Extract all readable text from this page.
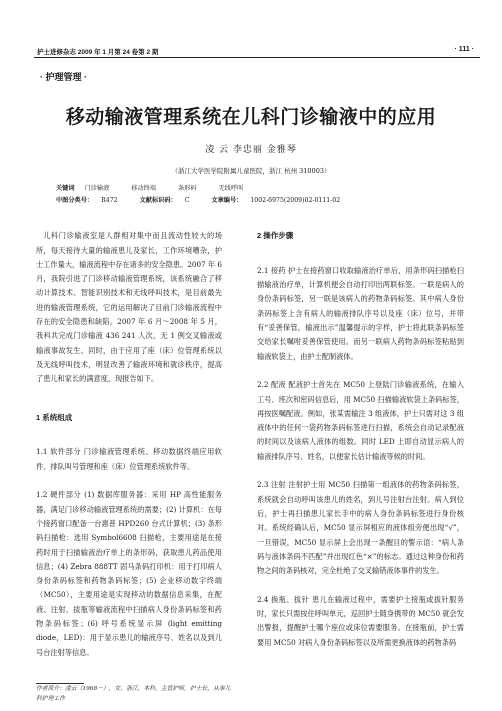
护士进修杂志 2009 年 1 月第 24 卷第 2 期	· 111 ·
· 护理管理 ·
移动输液管理系统在儿科门诊输液中的应用
凌 云 李忠丽 金雅琴
（浙江大学医学院附属儿童医院，浙江 杭州 310003）
关键词 门诊输液	移动终端	条形码	无线呼叫
中图分类号： R472	文献标识码： C	文章编号： 1002-6975(2009)02-0111-02

儿科门诊输液室是人群相对集中而且流动性较大的场所，每天接待大量的输液患儿及家长，工作环境嘈杂，护士工作量大，输液流程中存在诸多的安全隐患。2007 年 6 月，我院引进了门诊移动输液管理系统，该系统融合了移动计算技术、智能识别技术和无线呼叫技术，是目前最先进的输液管理系统，它的运用解决了目前门诊输液流程中存在的安全隐患和缺陷。2007 年 6 月～2008 年 5 月，我科共完成门诊输液 436 241 人次，无 1 例交叉输液或输液事故发生。同时，由于应用了座（床）位管理系统以及无线呼叫技术，明显改善了输液环境和就诊秩序，提高了患儿和家长的满意度，现报告如下。

1 系统组成

1.1 软件部分 门诊输液管理系统、移动数据终端应用软件、排队叫号管理和座（床）位管理系统软件等。

1.2 硬件部分 (1) 数据库服务器：采用 HP 高性能服务器，满足门诊移动输液管理系统的需要；(2) 计算机：在每个接药窗口配备一台惠普 HPD260 台式计算机；(3) 条形码扫描枪：选用 Symbol6608 扫描枪，主要用途是在接药时用于扫描输液治疗单上的条形码，获取患儿药品使用信息；(4) Zebra 888TT 固马条码打印机：用于打印病人身份条码标签和药物条码标签；(5) 企业移动数字终端（MC50），主要用途是实现移动的数据信息采集，在配液、注射、拔瓶等输液流程中扫描病人身份条码标签和药物条码标签；(6) 呼号系统显示屏 (light emitting diode，LED)：用于显示患儿的输液序号、姓名以及到儿号台注射等信息。

2 操作步骤

2.1 接药 护士在接药窗口收取输液治疗单后，用条形码扫描枪扫描输液治疗单，计算机便会自动打印出两联标签。一联是病人的身份条码标签，另一联是该病人的药物条码标签。其中病人身份条码标签上含有病人的输液排队序号以及座（床）位号，并带有“妥善保管，输液出示”温馨提示的字样，护士将此联条码标签交给家长嘱咐妥善保管使用。而另一联病人药物条码标签粘贴到输液软袋上，由护士配制液体。

2.2 配液 配液护士首先在 MC50 上登陆门诊输液系统，在输入工号、班次和密码信息后，用 MC50 扫描输液软袋上条码标签，再按医嘱配液。例如，张某需输注 3 组液体，护士只需对这 3 组液体中的任何一袋药物条码标签进行扫描，系统会自动记录配液的时间以及该病人液体的组数。同时 LED 上即自动显示病人的输液排队序号、姓名，以便家长估计输液等候的时间。

2.3 注射 注射护士用 MC50 扫描第一组液体的药物条码标签，系统就会自动呼叫该患儿的姓名，到儿号注射台注射。病人到位后，护士再扫描患儿家长手中的病人身份条码标签进行身份核对。系统经确认后，MC50 显示屏相应的液体组旁便出现“√”，一旦错误，MC50 显示屏上会出现一条醒目的警示语：“病人条码与液体条码不匹配”并出现红色“×”的标志。通过这种身份和药物之间的条码核对，完全杜绝了交叉输错液体事件的发生。

2.4 换瓶、拔针 患儿在输液过程中，需要护士接瓶或拔针服务时，家长只需按住呼叫单元，巡回护士随身携带的 MC50 就会发出警报，提醒护士哪个座位或床位需要服务。在接瓶前，护士需要用 MC50 对病人身份条码标签以及所需更换液体的药物条码

作者简介：凌云（1968－），女，浙江，本科，主管护师，护士长，从事儿科护理工作
